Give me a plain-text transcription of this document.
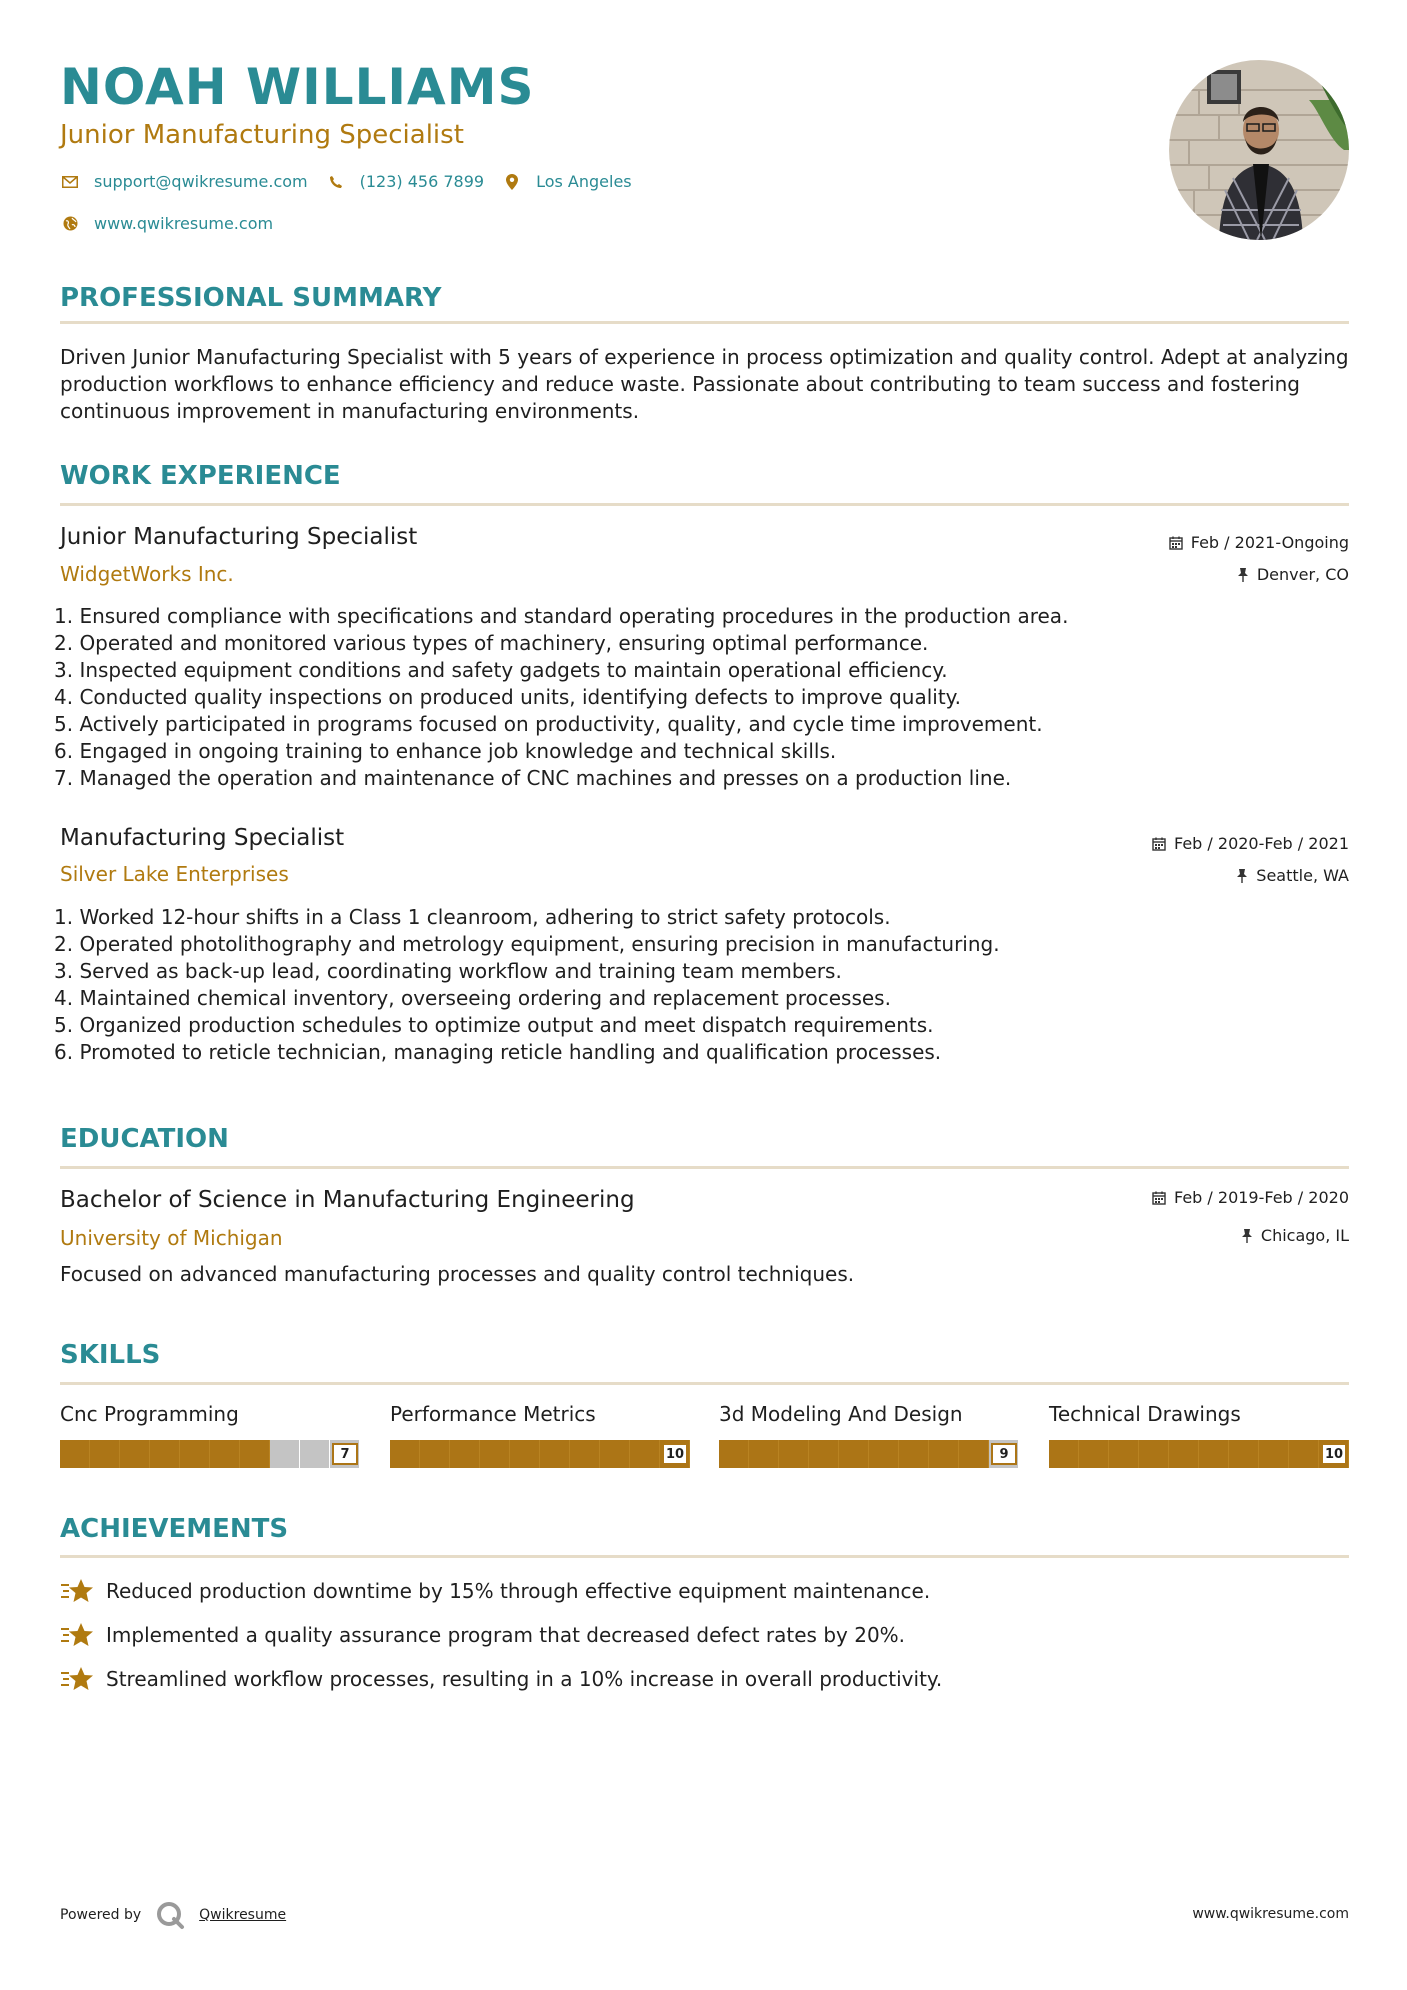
NOAH WILLIAMS
Junior Manufacturing Specialist
support@qwikresume.com	(123) 456 7899	Los Angeles
www.qwikresume.com
PROFESSIONAL SUMMARY
Driven Junior Manufacturing Specialist with 5 years of experience in process optimization and quality control. Adept at analyzing production workflows to enhance efficiency and reduce waste. Passionate about contributing to team success and fostering continuous improvement in manufacturing environments.
WORK EXPERIENCE
Junior Manufacturing Specialist	Feb / 2021-Ongoing
WidgetWorks Inc.	Denver, CO
1. Ensured compliance with specifications and standard operating procedures in the production area.
2. Operated and monitored various types of machinery, ensuring optimal performance.
3. Inspected equipment conditions and safety gadgets to maintain operational efficiency.
4. Conducted quality inspections on produced units, identifying defects to improve quality.
5. Actively participated in programs focused on productivity, quality, and cycle time improvement.
6. Engaged in ongoing training to enhance job knowledge and technical skills.
7. Managed the operation and maintenance of CNC machines and presses on a production line.
Manufacturing Specialist	Feb / 2020-Feb / 2021
Silver Lake Enterprises	Seattle, WA
1. Worked 12-hour shifts in a Class 1 cleanroom, adhering to strict safety protocols.
2. Operated photolithography and metrology equipment, ensuring precision in manufacturing.
3. Served as back-up lead, coordinating workflow and training team members.
4. Maintained chemical inventory, overseeing ordering and replacement processes.
5. Organized production schedules to optimize output and meet dispatch requirements.
6. Promoted to reticle technician, managing reticle handling and qualification processes.
EDUCATION
Bachelor of Science in Manufacturing Engineering	Feb / 2019-Feb / 2020
University of Michigan	Chicago, IL
Focused on advanced manufacturing processes and quality control techniques.
SKILLS
Cnc Programming
7
Performance Metrics
10
3d Modeling And Design
9
Technical Drawings
10
ACHIEVEMENTS
Reduced production downtime by 15% through effective equipment maintenance.
Implemented a quality assurance program that decreased defect rates by 20%.
Streamlined workflow processes, resulting in a 10% increase in overall productivity.
Powered by	Qwikresume	www.qwikresume.com
